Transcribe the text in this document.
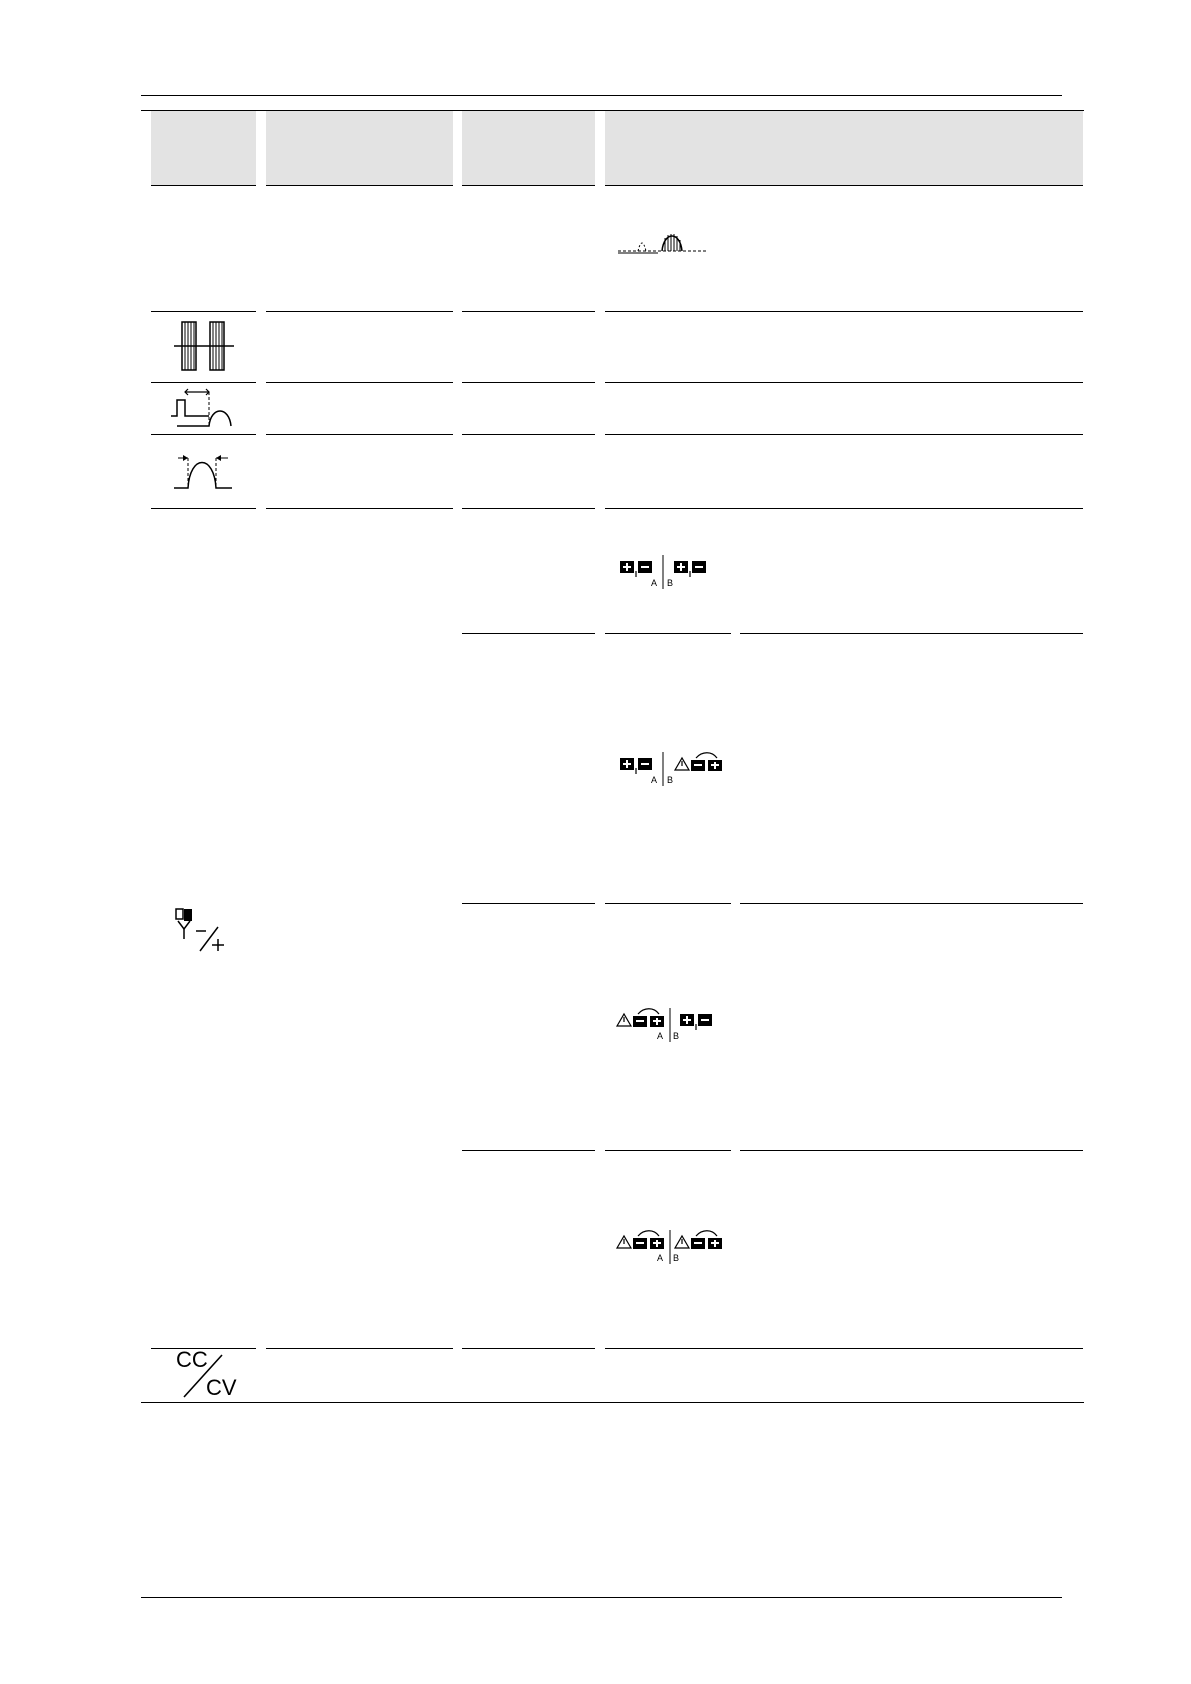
A B
A B
A B
A B
CC
CV
